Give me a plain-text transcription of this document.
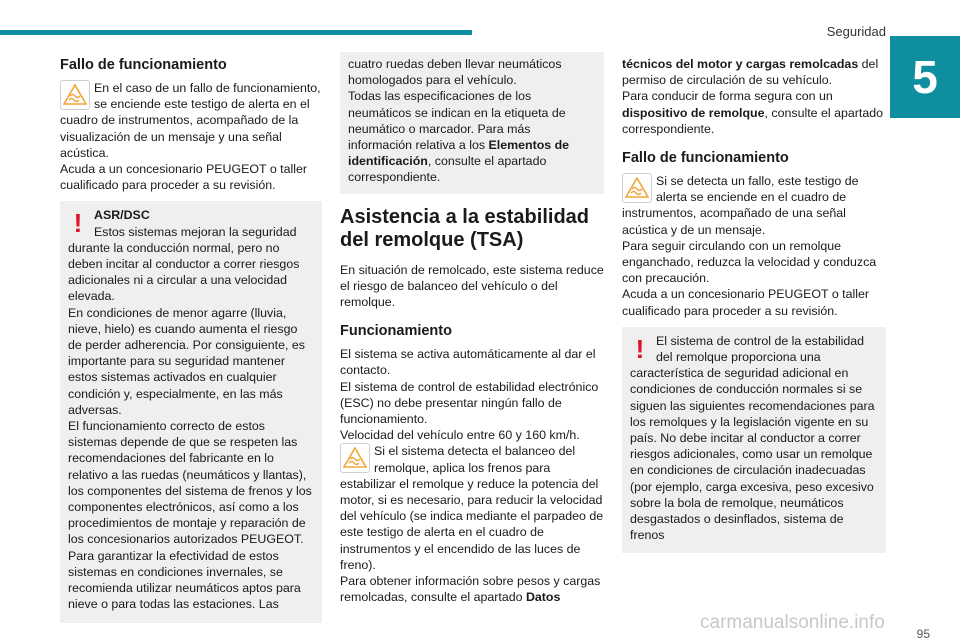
Seguridad
5
Fallo de funcionamiento

En el caso de un fallo de funcionamiento, se enciende este testigo de alerta en el cuadro de instrumentos, acompañado de la visualización de un mensaje y una señal acústica.

Acuda a un concesionario PEUGEOT o taller cualificado para proceder a su revisión.

! ASR/DSC

Estos sistemas mejoran la seguridad durante la conducción normal, pero no deben incitar al conductor a correr riesgos adicionales ni a circular a una velocidad elevada.

En condiciones de menor agarre (lluvia, nieve, hielo) es cuando aumenta el riesgo de perder adherencia. Por consiguiente, es importante para su seguridad mantener estos sistemas activados en cualquier condición y, especialmente, en las más adversas.

El funcionamiento correcto de estos sistemas depende de que se respeten las recomendaciones del fabricante en lo relativo a las ruedas (neumáticos y llantas), los componentes del sistema de frenos y los componentes electrónicos, así como a los procedimientos de montaje y reparación de los concesionarios autorizados PEUGEOT.

Para garantizar la efectividad de estos sistemas en condiciones invernales, se recomienda utilizar neumáticos aptos para nieve o para todas las estaciones. Las

cuatro ruedas deben llevar neumáticos homologados para el vehículo.

Todas las especificaciones de los neumáticos se indican en la etiqueta de neumático o marcador. Para más información relativa a los Elementos de identificación, consulte el apartado correspondiente.

Asistencia a la estabilidad del remolque (TSA)

En situación de remolcado, este sistema reduce el riesgo de balanceo del vehículo o del remolque.

Funcionamiento

El sistema se activa automáticamente al dar el contacto.

El sistema de control de estabilidad electrónico (ESC) no debe presentar ningún fallo de funcionamiento.

Velocidad del vehículo entre 60 y 160 km/h.

Si el sistema detecta el balanceo del remolque, aplica los frenos para estabilizar el remolque y reduce la potencia del motor, si es necesario, para reducir la velocidad del vehículo (se indica mediante el parpadeo de este testigo de alerta en el cuadro de instrumentos y el encendido de las luces de freno).

Para obtener información sobre pesos y cargas remolcadas, consulte el apartado Datos

técnicos del motor y cargas remolcadas del permiso de circulación de su vehículo.

Para conducir de forma segura con un dispositivo de remolque, consulte el apartado correspondiente.

Fallo de funcionamiento

Si se detecta un fallo, este testigo de alerta se enciende en el cuadro de instrumentos, acompañado de una señal acústica y de un mensaje.

Para seguir circulando con un remolque enganchado, reduzca la velocidad y conduzca con precaución.

Acuda a un concesionario PEUGEOT o taller cualificado para proceder a su revisión.

! El sistema de control de la estabilidad del remolque proporciona una característica de seguridad adicional en condiciones de conducción normales si se siguen las siguientes recomendaciones para los remolques y la legislación vigente en su país. No debe incitar al conductor a correr riesgos adicionales, como usar un remolque en condiciones de circulación inadecuadas (por ejemplo, carga excesiva, peso excesivo sobre la bola de remolque, neumáticos desgastados o desinflados, sistema de frenos

carmanualsonline.info
95
